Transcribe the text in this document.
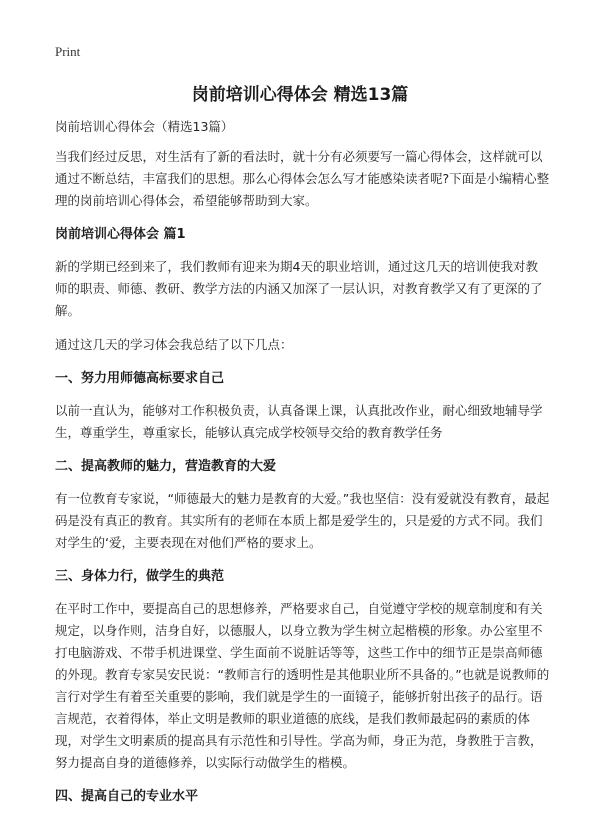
Print
岗前培训心得体会 精选13篇

岗前培训心得体会（精选13篇）

当我们经过反思，对生活有了新的看法时，就十分有必须要写一篇心得体会，这样就可以通过不断总结，丰富我们的思想。那么心得体会怎么写才能感染读者呢?下面是小编精心整理的岗前培训心得体会，希望能够帮助到大家。

岗前培训心得体会 篇1

新的学期已经到来了，我们教师有迎来为期4天的职业培训，通过这几天的培训使我对教师的职责、师德、教研、教学方法的内涵又加深了一层认识，对教育教学又有了更深的了解。

通过这几天的学习体会我总结了以下几点：

一、努力用师德高标要求自己

以前一直认为，能够对工作积极负责，认真备课上课，认真批改作业，耐心细致地辅导学生，尊重学生，尊重家长，能够认真完成学校领导交给的教育教学任务

二、提高教师的魅力，营造教育的大爱

有一位教育专家说，“师德最大的魅力是教育的大爱。”我也坚信：没有爱就没有教育，最起码是没有真正的教育。其实所有的老师在本质上都是爱学生的，只是爱的方式不同。我们对学生的‘爱，主要表现在对他们严格的要求上。

三、身体力行，做学生的典范

在平时工作中，要提高自己的思想修养，严格要求自己，自觉遵守学校的规章制度和有关规定，以身作则，洁身自好，以德服人，以身立教为学生树立起楷模的形象。办公室里不打电脑游戏、不带手机进课堂、学生面前不说脏话等等，这些工作中的细节正是崇高师德的外现。教育专家吴安民说：“教师言行的透明性是其他职业所不具备的。”也就是说教师的言行对学生有着至关重要的影响，我们就是学生的一面镜子，能够折射出孩子的品行。语言规范，衣着得体，举止文明是教师的职业道德的底线，是我们教师最起码的素质的体现，对学生文明素质的提高具有示范性和引导性。学高为师，身正为范，身教胜于言教，努力提高自身的道德修养，以实际行动做学生的楷模。

四、提高自己的专业水平
